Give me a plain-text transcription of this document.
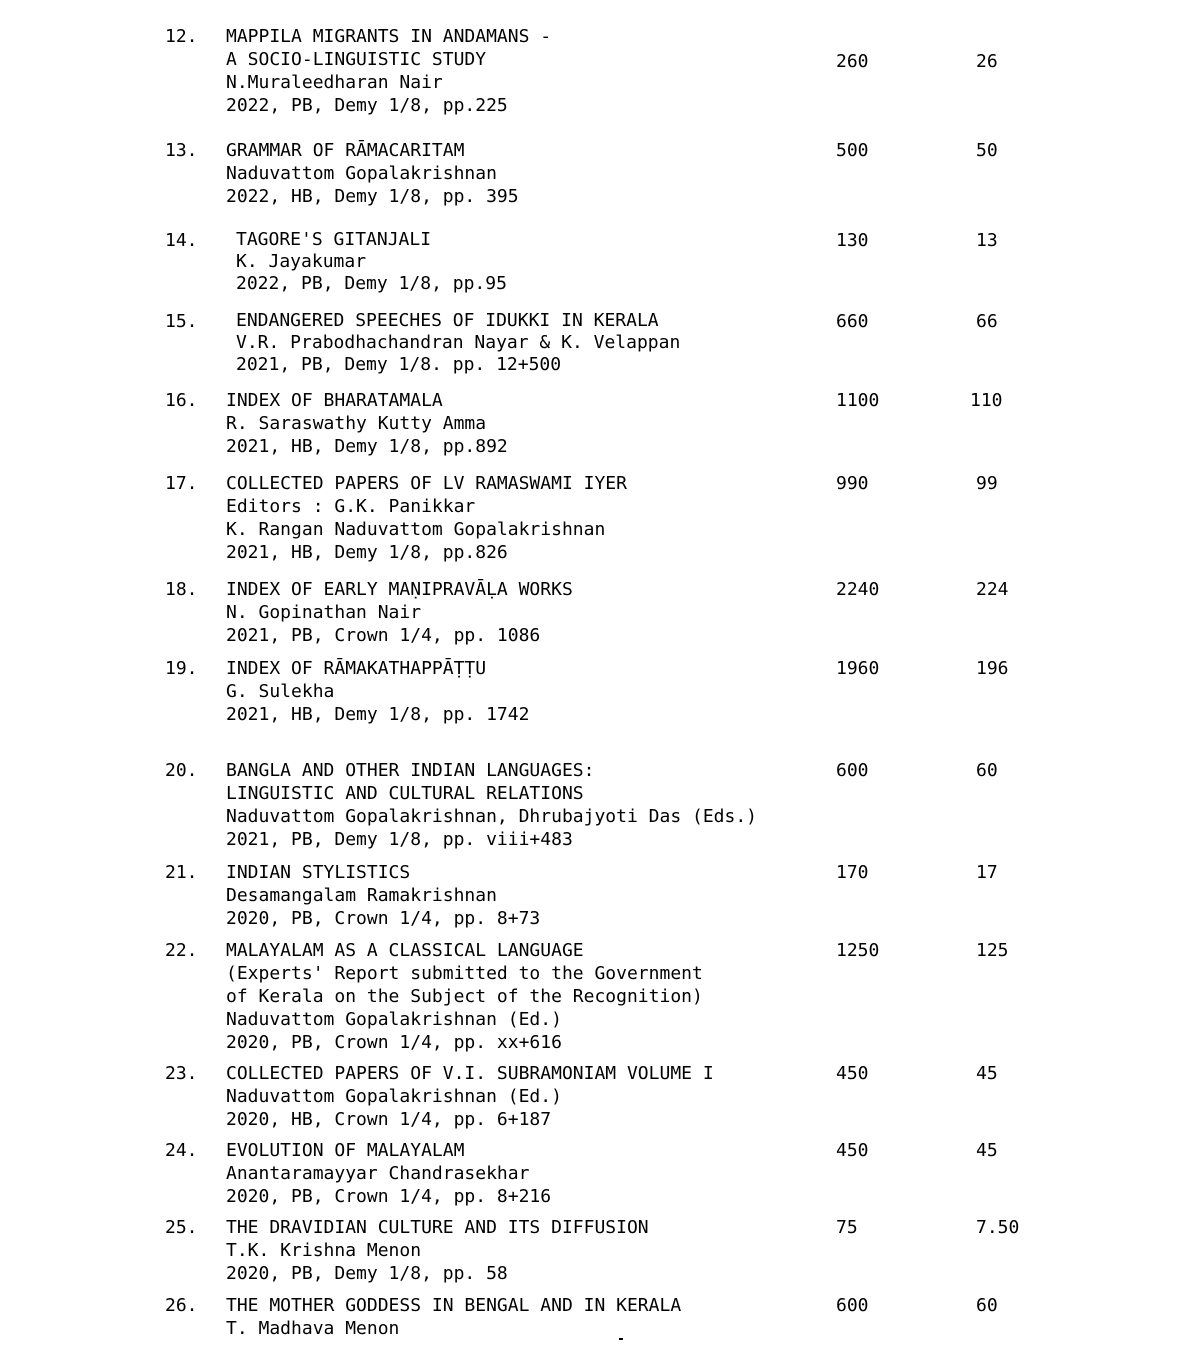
12. MAPPILA MIGRANTS IN ANDAMANS -
A SOCIO-LINGUISTIC STUDY
N.Muraleedharan Nair
2022, PB, Demy 1/8, pp.225
260	26
13. GRAMMAR OF RĀMACARITAM
Naduvattom Gopalakrishnan
2022, HB, Demy 1/8, pp. 395
500	50
14. TAGORE'S GITANJALI
K. Jayakumar
2022, PB, Demy 1/8, pp.95
130	13
15. ENDANGERED SPEECHES OF IDUKKI IN KERALA
V.R. Prabodhachandran Nayar & K. Velappan
2021, PB, Demy 1/8. pp. 12+500
660	66
16. INDEX OF BHARATAMALA
R. Saraswathy Kutty Amma
2021, HB, Demy 1/8, pp.892
1100	110
17. COLLECTED PAPERS OF LV RAMASWAMI IYER
Editors : G.K. Panikkar
K. Rangan Naduvattom Gopalakrishnan
2021, HB, Demy 1/8, pp.826
990	99
18. INDEX OF EARLY MAṆIPRAVĀḶA WORKS
N. Gopinathan Nair
2021, PB, Crown 1/4, pp. 1086
2240	224
19. INDEX OF RĀMAKATHAPPĀṬṬU
G. Sulekha
2021, HB, Demy 1/8, pp. 1742
1960	196
20. BANGLA AND OTHER INDIAN LANGUAGES:
LINGUISTIC AND CULTURAL RELATIONS
Naduvattom Gopalakrishnan, Dhrubajyoti Das (Eds.)
2021, PB, Demy 1/8, pp. viii+483
600	60
21. INDIAN STYLISTICS
Desamangalam Ramakrishnan
2020, PB, Crown 1/4, pp. 8+73
170	17
22. MALAYALAM AS A CLASSICAL LANGUAGE
(Experts' Report submitted to the Government
of Kerala on the Subject of the Recognition)
Naduvattom Gopalakrishnan (Ed.)
2020, PB, Crown 1/4, pp. xx+616
1250	125
23. COLLECTED PAPERS OF V.I. SUBRAMONIAM VOLUME I
Naduvattom Gopalakrishnan (Ed.)
2020, HB, Crown 1/4, pp. 6+187
450	45
24. EVOLUTION OF MALAYALAM
Anantaramayyar Chandrasekhar
2020, PB, Crown 1/4, pp. 8+216
450	45
25. THE DRAVIDIAN CULTURE AND ITS DIFFUSION
T.K. Krishna Menon
2020, PB, Demy 1/8, pp. 58
75	7.50
26. THE MOTHER GODDESS IN BENGAL AND IN KERALA
T. Madhava Menon
600	60
